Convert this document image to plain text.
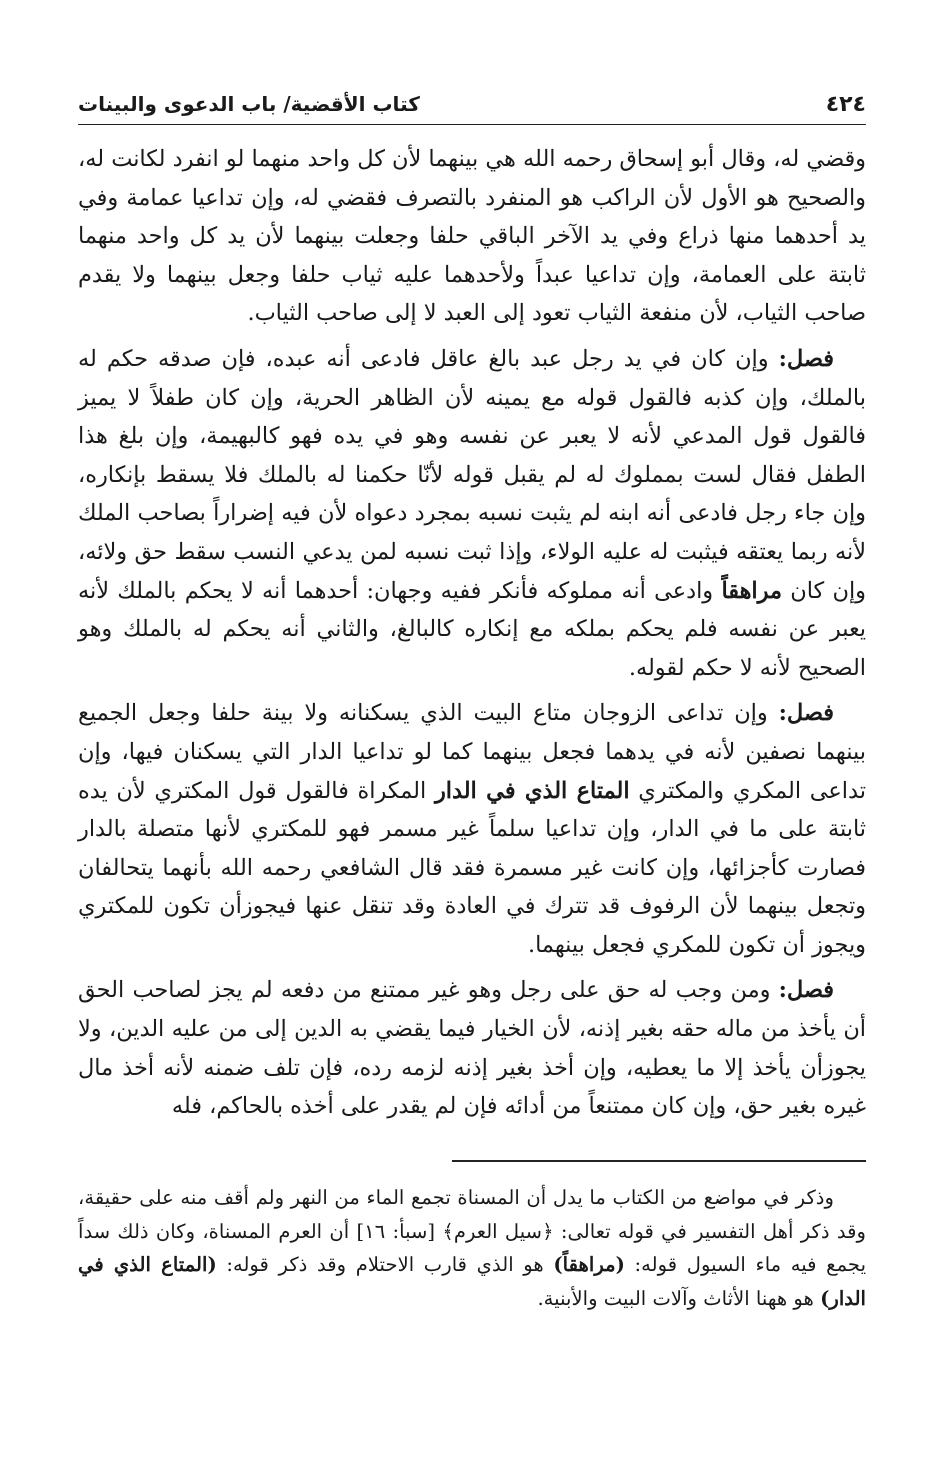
٤٢٤
كتاب الأقضية/ باب الدعوى والبينات

وقضي له، وقال أبو إسحاق رحمه الله هي بينهما لأن كل واحد منهما لو انفرد لكانت له، والصحيح هو الأول لأن الراكب هو المنفرد بالتصرف فقضي له، وإن تداعيا عمامة وفي يد أحدهما منها ذراع وفي يد الآخر الباقي حلفا وجعلت بينهما لأن يد كل واحد منهما ثابتة على العمامة، وإن تداعيا عبداً ولأحدهما عليه ثياب حلفا وجعل بينهما ولا يقدم صاحب الثياب، لأن منفعة الثياب تعود إلى العبد لا إلى صاحب الثياب.

فصل: وإن كان في يد رجل عبد بالغ عاقل فادعى أنه عبده، فإن صدقه حكم له بالملك، وإن كذبه فالقول قوله مع يمينه لأن الظاهر الحرية، وإن كان طفلاً لا يميز فالقول قول المدعي لأنه لا يعبر عن نفسه وهو في يده فهو كالبهيمة، وإن بلغ هذا الطفل فقال لست بمملوك له لم يقبل قوله لأنّا حكمنا له بالملك فلا يسقط بإنكاره، وإن جاء رجل فادعى أنه ابنه لم يثبت نسبه بمجرد دعواه لأن فيه إضراراً بصاحب الملك لأنه ربما يعتقه فيثبت له عليه الولاء، وإذا ثبت نسبه لمن يدعي النسب سقط حق ولائه، وإن كان مراهقاً وادعى أنه مملوكه فأنكر ففيه وجهان: أحدهما أنه لا يحكم بالملك لأنه يعبر عن نفسه فلم يحكم بملكه مع إنكاره كالبالغ، والثاني أنه يحكم له بالملك وهو الصحيح لأنه لا حكم لقوله.

فصل: وإن تداعى الزوجان متاع البيت الذي يسكنانه ولا بينة حلفا وجعل الجميع بينهما نصفين لأنه في يدهما فجعل بينهما كما لو تداعيا الدار التي يسكنان فيها، وإن تداعى المكري والمكتري المتاع الذي في الدار المكراة فالقول قول المكتري لأن يده ثابتة على ما في الدار، وإن تداعيا سلماً غير مسمر فهو للمكتري لأنها متصلة بالدار فصارت كأجزائها، وإن كانت غير مسمرة فقد قال الشافعي رحمه الله بأنهما يتحالفان وتجعل بينهما لأن الرفوف قد تترك في العادة وقد تنقل عنها فيجوزأن تكون للمكتري ويجوز أن تكون للمكري فجعل بينهما.

فصل: ومن وجب له حق على رجل وهو غير ممتنع من دفعه لم يجز لصاحب الحق أن يأخذ من ماله حقه بغير إذنه، لأن الخيار فيما يقضي به الدين إلى من عليه الدين، ولا يجوزأن يأخذ إلا ما يعطيه، وإن أخذ بغير إذنه لزمه رده، فإن تلف ضمنه لأنه أخذ مال غيره بغير حق، وإن كان ممتنعاً من أدائه فإن لم يقدر على أخذه بالحاكم، فله

وذكر في مواضع من الكتاب ما يدل أن المسناة تجمع الماء من النهر ولم أقف منه على حقيقة، وقد ذكر أهل التفسير في قوله تعالى: ﴿سيل العرم﴾ [سبأ: ١٦] أن العرم المسناة، وكان ذلك سداً يجمع فيه ماء السيول قوله: (مراهقاً) هو الذي قارب الاحتلام وقد ذكر قوله: (المتاع الذي في الدار) هو ههنا الأثاث وآلات البيت والأبنية.
